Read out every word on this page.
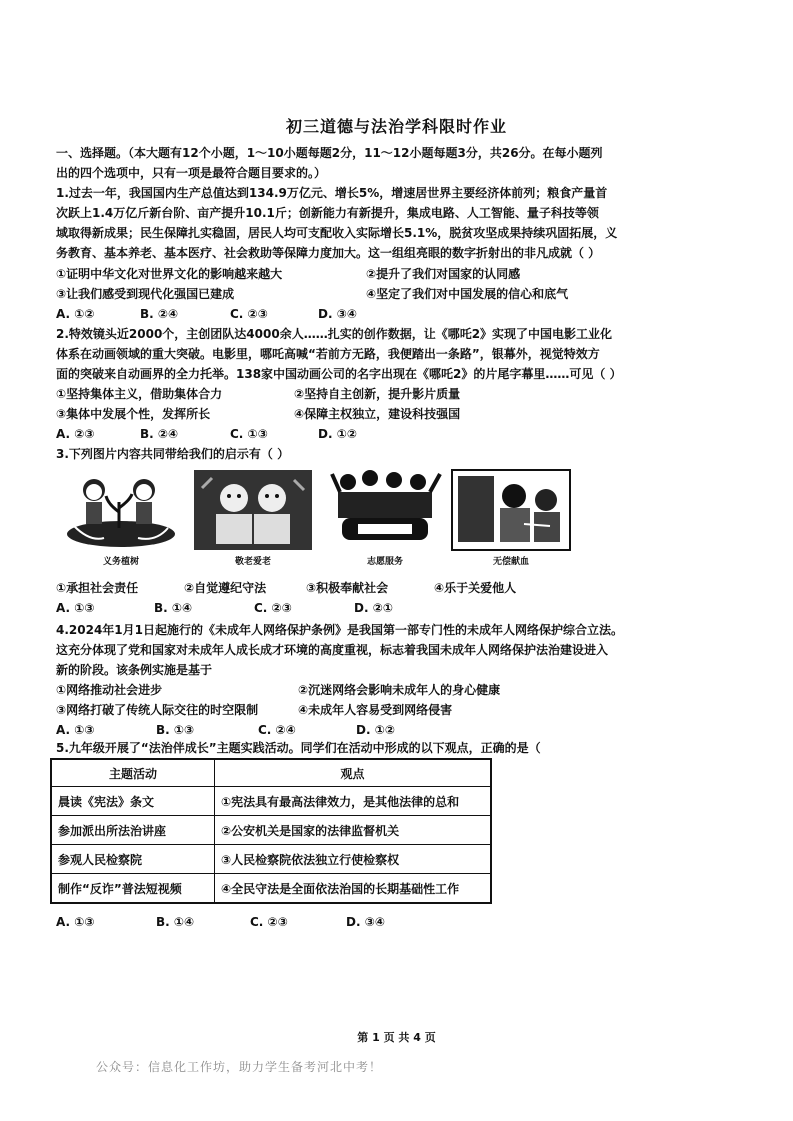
初三道德与法治学科限时作业
一、选择题。（本大题有12个小题，1～10小题每题2分，11～12小题每题3分，共26分。在每小题列
出的四个选项中，只有一项是最符合题目要求的。）
1.过去一年，我国国内生产总值达到134.9万亿元、增长5%，增速居世界主要经济体前列；粮食产量首
次跃上1.4万亿斤新台阶、亩产提升10.1斤；创新能力有新提升，集成电路、人工智能、量子科技等领
域取得新成果；民生保障扎实稳固，居民人均可支配收入实际增长5.1%，脱贫攻坚成果持续巩固拓展，义
务教育、基本养老、基本医疗、社会救助等保障力度加大。这一组组亮眼的数字折射出的非凡成就（ ）
①证明中华文化对世界文化的影响越来越大	②提升了我们对国家的认同感
③让我们感受到现代化强国已建成	④坚定了我们对中国发展的信心和底气
A. ①②	B. ②④	C. ②③	D. ③④
2.特效镜头近2000个，主创团队达4000余人……扎实的创作数据，让《哪吒2》实现了中国电影工业化
体系在动画领域的重大突破。电影里，哪吒高喊“若前方无路，我便踏出一条路”，银幕外，视觉特效方
面的突破来自动画界的全力托举。138家中国动画公司的名字出现在《哪吒2》的片尾字幕里……可见（ ）
①坚持集体主义，借助集体合力	②坚持自主创新，提升影片质量
③集体中发展个性，发挥所长	④保障主权独立，建设科技强国
A. ②③	B. ②④	C. ①③	D. ①②
3.下列图片内容共同带给我们的启示有（ ）
义务植树	敬老爱老	志愿服务	无偿献血
①承担社会责任	②自觉遵纪守法	③积极奉献社会	④乐于关爱他人
A. ①③	B. ①④	C. ②③	D. ②①
4.2024年1月1日起施行的《未成年人网络保护条例》是我国第一部专门性的未成年人网络保护综合立法。
这充分体现了党和国家对未成年人成长成才环境的高度重视，标志着我国未成年人网络保护法治建设进入
新的阶段。该条例实施是基于
①网络推动社会进步	②沉迷网络会影响未成年人的身心健康
③网络打破了传统人际交往的时空限制	④未成年人容易受到网络侵害
A. ①③	B. ①③	C. ②④	D. ①②
5.九年级开展了“法治伴成长”主题实践活动。同学们在活动中形成的以下观点，正确的是（
主题活动	观点
晨读《宪法》条文	①宪法具有最高法律效力，是其他法律的总和
参加派出所法治讲座	②公安机关是国家的法律监督机关
参观人民检察院	③人民检察院依法独立行使检察权
制作“反诈”普法短视频	④全民守法是全面依法治国的长期基础性工作
A. ①③	B. ①④	C. ②③	D. ③④
第 1 页 共 4 页
公众号：信息化工作坊，助力学生备考河北中考！
